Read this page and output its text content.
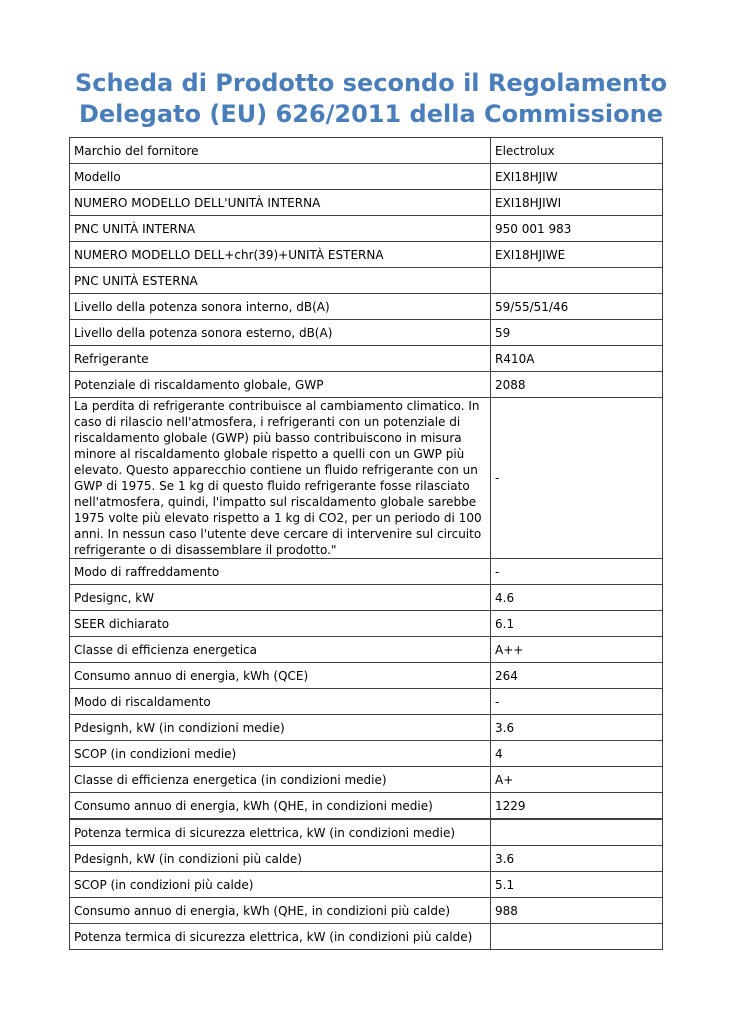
Scheda di Prodotto secondo il Regolamento
Delegato (EU) 626/2011 della Commissione
Marchio del fornitore	Electrolux
Modello	EXI18HJIW
NUMERO MODELLO DELL'UNITÀ INTERNA	EXI18HJIWI
PNC UNITÀ INTERNA	950 001 983
NUMERO MODELLO DELL+chr(39)+UNITÀ ESTERNA	EXI18HJIWE
PNC UNITÀ ESTERNA	
Livello della potenza sonora interno, dB(A)	59/55/51/46
Livello della potenza sonora esterno, dB(A)	59
Refrigerante	R410A
Potenziale di riscaldamento globale, GWP	2088

La perdita di refrigerante contribuisce al cambiamento climatico. In caso di rilascio nell'atmosfera, i refrigeranti con un potenziale di riscaldamento globale (GWP) più basso contribuiscono in misura minore al riscaldamento globale rispetto a quelli con un GWP più elevato. Questo apparecchio contiene un fluido refrigerante con un GWP di 1975. Se 1 kg di questo fluido refrigerante fosse rilasciato nell'atmosfera, quindi, l'impatto sul riscaldamento globale sarebbe 1975 volte più elevato rispetto a 1 kg di CO2, per un periodo di 100 anni. In nessun caso l'utente deve cercare di intervenire sul circuito refrigerante o di disassemblare il prodotto."	-
Modo di raffreddamento	-
Pdesignc, kW	4.6
SEER dichiarato	6.1
Classe di efficienza energetica	A++
Consumo annuo di energia, kWh (QCE)	264
Modo di riscaldamento	-
Pdesignh, kW (in condizioni medie)	3.6
SCOP (in condizioni medie)	4
Classe di efficienza energetica (in condizioni medie)	A+
Consumo annuo di energia, kWh (QHE, in condizioni medie)	1229
Potenza termica di sicurezza elettrica, kW (in condizioni medie)	
Pdesignh, kW (in condizioni più calde)	3.6
SCOP (in condizioni più calde)	5.1
Consumo annuo di energia, kWh (QHE, in condizioni più calde)	988
Potenza termica di sicurezza elettrica, kW (in condizioni più calde)	
